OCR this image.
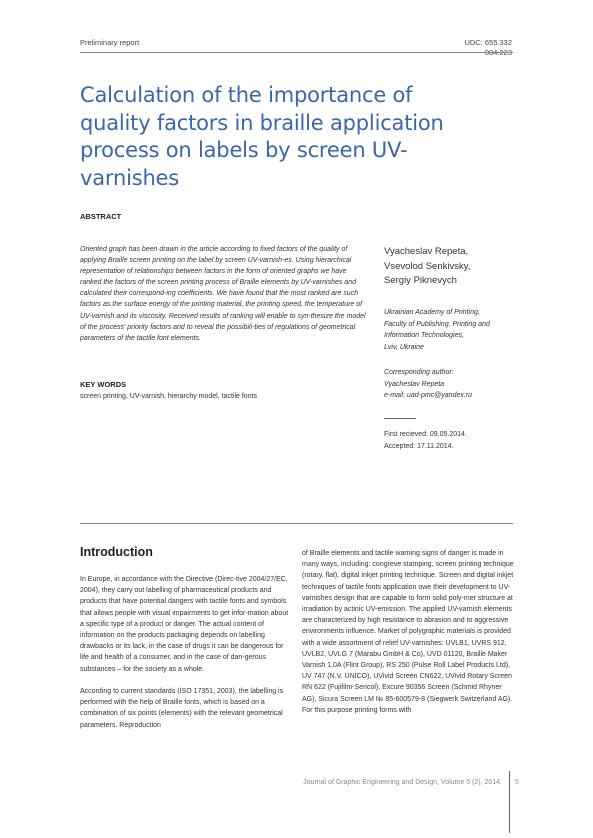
Preliminary report	UDC: 655.332
004.223
Calculation of the importance of quality factors in braille application process on labels by screen UV-varnishes
ABSTRACT
Oriented graph has been drawn in the article according to fixed factors of the quality of applying Braille screen printing on the label by screen UV-varnish-es. Using hierarchical representation of relationships between factors in the form of oriented graphs we have ranked the factors of the screen printing process of Braille elements by UV-varnishes and calculated their correspond-ing coefficients. We have found that the most ranked are such factors as the surface energy of the printing material, the printing speed, the temperature of UV-varnish and its viscosity. Received results of ranking will enable to syn-thesize the model of the process' priority factors and to reveal the possibili-ties of regulations of geometrical parameters of the tactile font elements.
KEY WORDS
screen printing, UV-varnish, hierarchy model, tactile fonts
Vyacheslav Repeta,
Vsevolod Senkivsky,
Sergiy Piknevych
Ukrainian Academy of Printing,
Faculty of Publishing, Printing and
Information Technologies,
Lviv, Ukraine
Corresponding author:
Vyacheslav Repeta
e-mail: uad-pmc@yandex.ru
First recieved: 09.05.2014.
Accepted: 17.11.2014.
Introduction

In Europe, in accordance with the Directive (Direc-tive 2004/27/EC, 2004), they carry out labelling of pharmaceutical products and products that have potential dangers with tactile fonts and symbols that allows people with visual impairments to get infor-mation about a specific type of a product or danger. The actual content of information on the products packaging depends on labelling drawbacks or its lack, in the case of drugs it can be dangerous for life and health of a consumer, and in the case of dan-gerous substances – for the society as a whole.

According to current standards (ISO 17351, 2003), the labelling is performed with the help of Braille fonts, which is based on a combination of six points (elements) with the relevant geometrical parameters. Reproduction

of Braille elements and tactile warning signs of danger is made in many ways, including: congreve stamping, screen printing technique (rotary, flat), digital inkjet printing technique. Screen and digital inkjet techniques of tactile fonts application owe their development to UV-varnishes design that are capable to form solid poly-mer structure at irradiation by actinic UV-emission. The applied UV-varnish elements are characterized by high resistance to abrasion and to aggressive environments influence. Market of polygraphic materials is provided with a wide assortment of relief UV-varnishes: UVLB1, UVRS 912, UVLB2, UVLG 7 (Marabu GmbH & Co), UVD 01120, Braille Maker Varnish 1,0A (Flint Group), RS 250 (Pulse Roll Label Products Ltd), UV 747 (N.V. UNICO), UVivid Screen CN622, UVivid Rotary Screen RN 622 (Fujifilm-Sericol), Excure 90356 Screen (Schmid Rhyner AG), Sicura Screen LM № 85-600579-8 (Siegwerk Switzerland AG). For this purpose printing forms with

Journal of Graphic Engineering and Design, Volume 5 (2), 2014. 5
